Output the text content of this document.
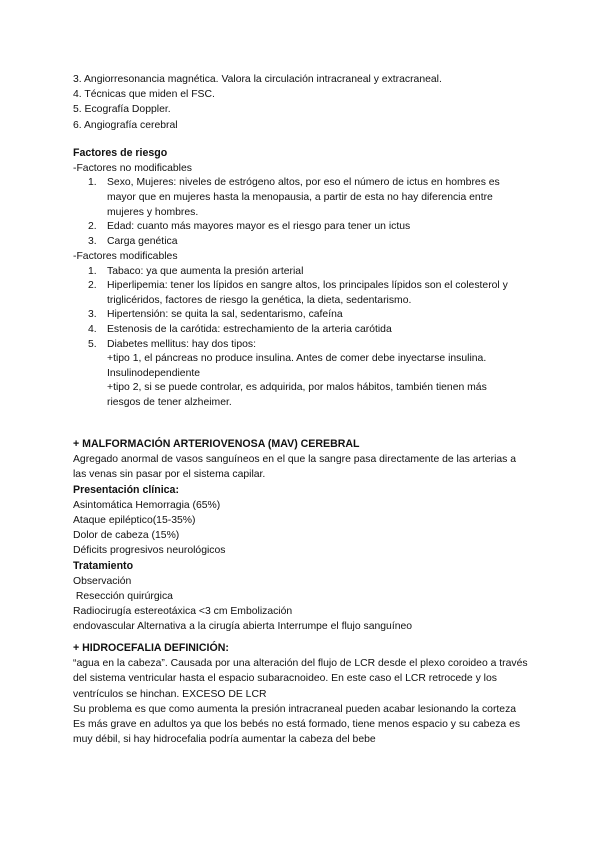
3. Angiorresonancia magnética. Valora la circulación intracraneal y extracraneal.
4. Técnicas que miden el FSC.
5. Ecografía Doppler.
6. Angiografía cerebral
Factores de riesgo
-Factores no modificables
1. Sexo, Mujeres: niveles de estrógeno altos, por eso el número de ictus en hombres es mayor que en mujeres hasta la menopausia, a partir de esta no hay diferencia entre mujeres y hombres.
2. Edad: cuanto más mayores mayor es el riesgo para tener un ictus
3. Carga genética
-Factores modificables
1. Tabaco: ya que aumenta la presión arterial
2. Hiperlipemia: tener los lípidos en sangre altos, los principales lípidos son el colesterol y triglicéridos, factores de riesgo la genética, la dieta, sedentarismo.
3. Hipertensión: se quita la sal, sedentarismo, cafeína
4. Estenosis de la carótida: estrechamiento de la arteria carótida
5. Diabetes mellitus: hay dos tipos:
+tipo 1, el páncreas no produce insulina. Antes de comer debe inyectarse insulina. Insulinodependiente
+tipo 2, si se puede controlar, es adquirida, por malos hábitos, también tienen más riesgos de tener alzheimer.
+ MALFORMACIÓN ARTERIOVENOSA (MAV) CEREBRAL
Agregado anormal de vasos sanguíneos en el que la sangre pasa directamente de las arterias a las venas sin pasar por el sistema capilar.
Presentación clínica:
Asintomática Hemorragia (65%)
Ataque epiléptico(15-35%)
Dolor de cabeza (15%)
Déficits progresivos neurológicos
Tratamiento
Observación
Resección quirúrgica
Radiocirugía estereotáxica <3 cm Embolización
endovascular Alternativa a la cirugía abierta Interrumpe el flujo sanguíneo
+ HIDROCEFALIA DEFINICIÓN:
“agua en la cabeza”. Causada por una alteración del flujo de LCR desde el plexo coroideo a través del sistema ventricular hasta el espacio subaracnoideo. En este caso el LCR retrocede y los ventrículos se hinchan. EXCESO DE LCR
Su problema es que como aumenta la presión intracraneal pueden acabar lesionando la corteza
Es más grave en adultos ya que los bebés no está formado, tiene menos espacio y su cabeza es muy débil, si hay hidrocefalia podría aumentar la cabeza del bebe
